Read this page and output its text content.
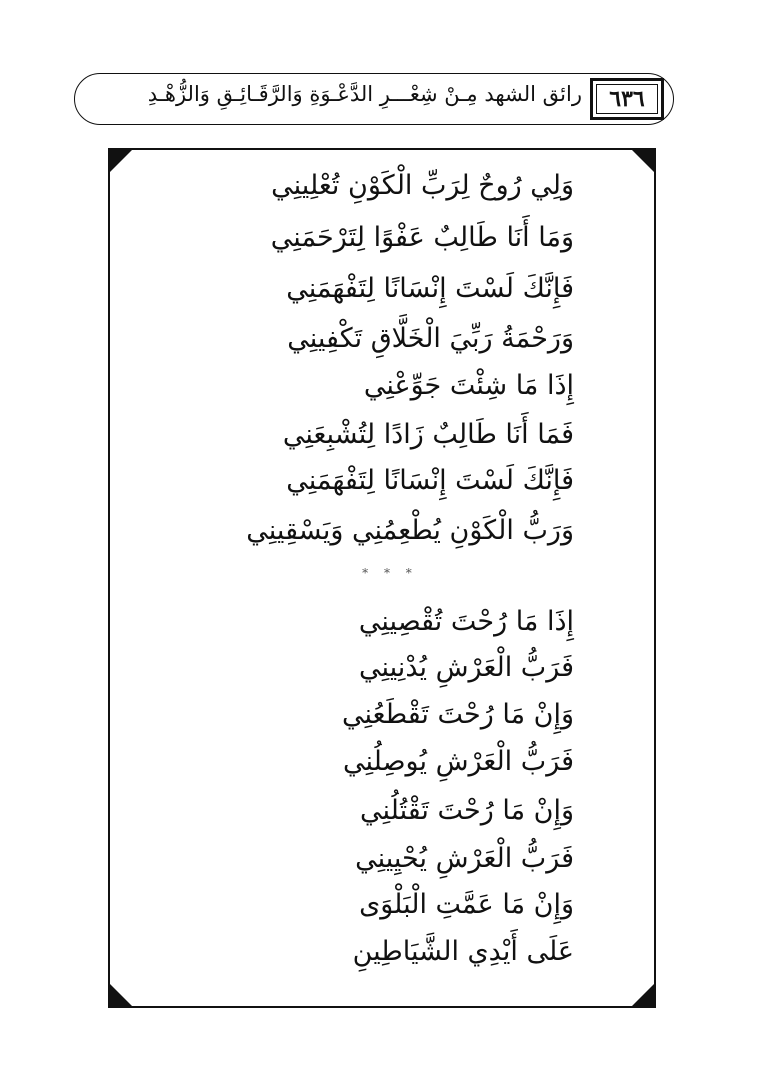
٦٣٦
رائق الشهد مِـنْ شِعْـــرِ الدَّعْـوَةِ وَالرَّقَـائِـقِ وَالزُّهْـدِ
وَلِي رُوحٌ لِرَبِّ الْكَوْنِ تُعْلِينِي
وَمَا أَنَا طَالِبٌ عَفْوًا لِتَرْحَمَنِي
فَإِنَّكَ لَسْتَ إِنْسَانًا لِتَفْهَمَنِي
وَرَحْمَةُ رَبِّيَ الْخَلَّاقِ تَكْفِينِي
إِذَا مَا شِئْتَ جَوِّعْنِي
فَمَا أَنَا طَالِبٌ زَادًا لِتُشْبِعَنِي
فَإِنَّكَ لَسْتَ إِنْسَانًا لِتَفْهَمَنِي
وَرَبُّ الْكَوْنِ يُطْعِمُنِي وَيَسْقِينِي
* * *
إِذَا مَا رُحْتَ تُقْصِينِي
فَرَبُّ الْعَرْشِ يُدْنِينِي
وَإِنْ مَا رُحْتَ تَقْطَعُنِي
فَرَبُّ الْعَرْشِ يُوصِلُنِي
وَإِنْ مَا رُحْتَ تَقْتُلُنِي
فَرَبُّ الْعَرْشِ يُحْيِينِي
وَإِنْ مَا عَمَّتِ الْبَلْوَى
عَلَى أَيْدِي الشَّيَاطِينِ
